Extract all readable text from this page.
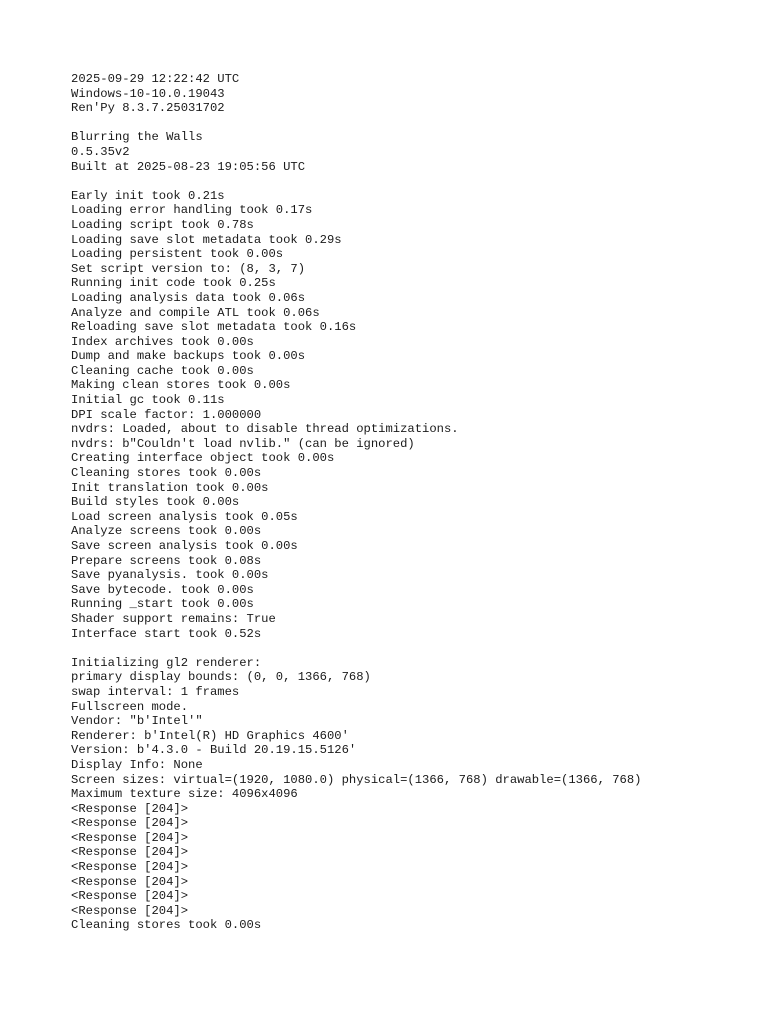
2025-09-29 12:22:42 UTC
Windows-10-10.0.19043
Ren'Py 8.3.7.25031702
Blurring the Walls
0.5.35v2
Built at 2025-08-23 19:05:56 UTC
Early init took 0.21s
Loading error handling took 0.17s
Loading script took 0.78s
Loading save slot metadata took 0.29s
Loading persistent took 0.00s
Set script version to: (8, 3, 7)
Running init code took 0.25s
Loading analysis data took 0.06s
Analyze and compile ATL took 0.06s
Reloading save slot metadata took 0.16s
Index archives took 0.00s
Dump and make backups took 0.00s
Cleaning cache took 0.00s
Making clean stores took 0.00s
Initial gc took 0.11s
DPI scale factor: 1.000000
nvdrs: Loaded, about to disable thread optimizations.
nvdrs: b"Couldn't load nvlib." (can be ignored)
Creating interface object took 0.00s
Cleaning stores took 0.00s
Init translation took 0.00s
Build styles took 0.00s
Load screen analysis took 0.05s
Analyze screens took 0.00s
Save screen analysis took 0.00s
Prepare screens took 0.08s
Save pyanalysis. took 0.00s
Save bytecode. took 0.00s
Running _start took 0.00s
Shader support remains: True
Interface start took 0.52s
Initializing gl2 renderer:
primary display bounds: (0, 0, 1366, 768)
swap interval: 1 frames
Fullscreen mode.
Vendor: "b'Intel'"
Renderer: b'Intel(R) HD Graphics 4600'
Version: b'4.3.0 - Build 20.19.15.5126'
Display Info: None
Screen sizes: virtual=(1920, 1080.0) physical=(1366, 768) drawable=(1366, 768)
Maximum texture size: 4096x4096
<Response [204]>
<Response [204]>
<Response [204]>
<Response [204]>
<Response [204]>
<Response [204]>
<Response [204]>
<Response [204]>
Cleaning stores took 0.00s
